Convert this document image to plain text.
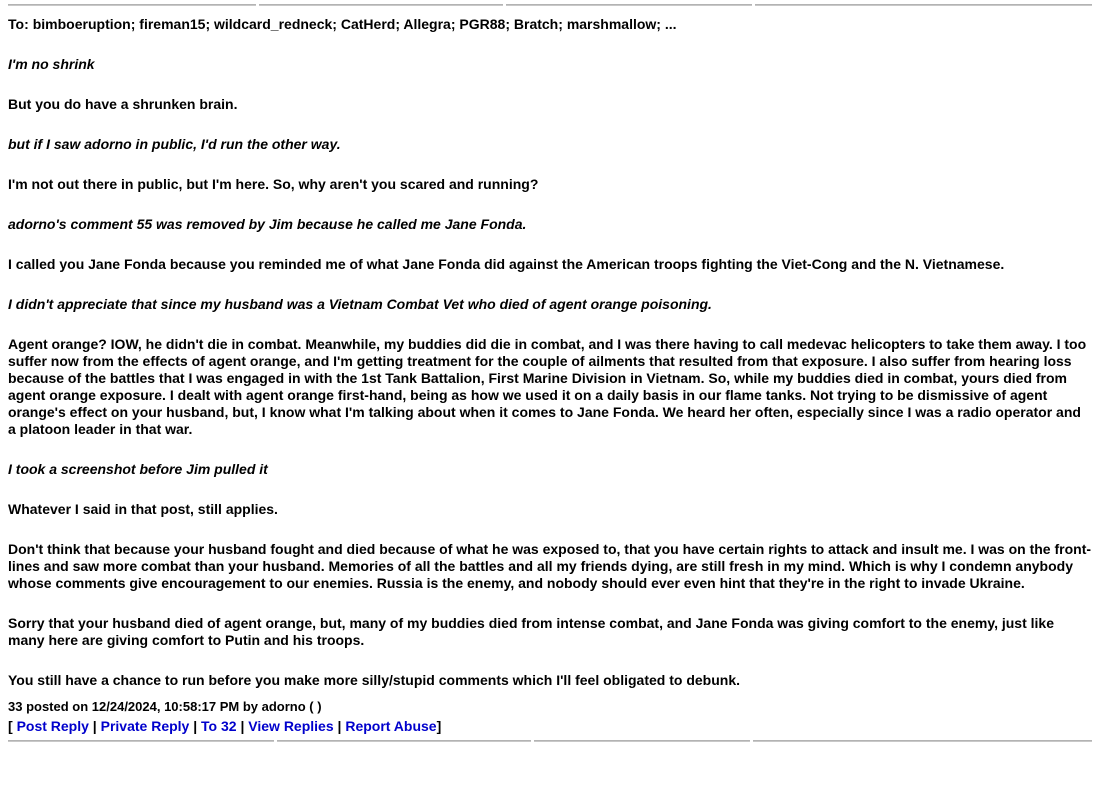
To: bimboeruption; fireman15; wildcard_redneck; CatHerd; Allegra; PGR88; Bratch; marshmallow; ...

I'm no shrink

But you do have a shrunken brain.

but if I saw adorno in public, I'd run the other way.

I'm not out there in public, but I'm here. So, why aren't you scared and running?

adorno's comment 55 was removed by Jim because he called me Jane Fonda.

I called you Jane Fonda because you reminded me of what Jane Fonda did against the American troops fighting the Viet-Cong and the N. Vietnamese.

I didn't appreciate that since my husband was a Vietnam Combat Vet who died of agent orange poisoning.

Agent orange? IOW, he didn't die in combat. Meanwhile, my buddies did die in combat, and I was there having to call medevac helicopters to take them away. I too suffer now from the effects of agent orange, and I'm getting treatment for the couple of ailments that resulted from that exposure. I also suffer from hearing loss because of the battles that I was engaged in with the 1st Tank Battalion, First Marine Division in Vietnam. So, while my buddies died in combat, yours died from agent orange exposure. I dealt with agent orange first-hand, being as how we used it on a daily basis in our flame tanks. Not trying to be dismissive of agent orange's effect on your husband, but, I know what I'm talking about when it comes to Jane Fonda. We heard her often, especially since I was a radio operator and a platoon leader in that war.

I took a screenshot before Jim pulled it

Whatever I said in that post, still applies.

Don't think that because your husband fought and died because of what he was exposed to, that you have certain rights to attack and insult me. I was on the front-lines and saw more combat than your husband. Memories of all the battles and all my friends dying, are still fresh in my mind. Which is why I condemn anybody whose comments give encouragement to our enemies. Russia is the enemy, and nobody should ever even hint that they're in the right to invade Ukraine.

Sorry that your husband died of agent orange, but, many of my buddies died from intense combat, and Jane Fonda was giving comfort to the enemy, just like many here are giving comfort to Putin and his troops.

You still have a chance to run before you make more silly/stupid comments which I'll feel obligated to debunk.

33 posted on 12/24/2024, 10:58:17 PM by adorno ( )
[ Post Reply | Private Reply | To 32 | View Replies | Report Abuse]
